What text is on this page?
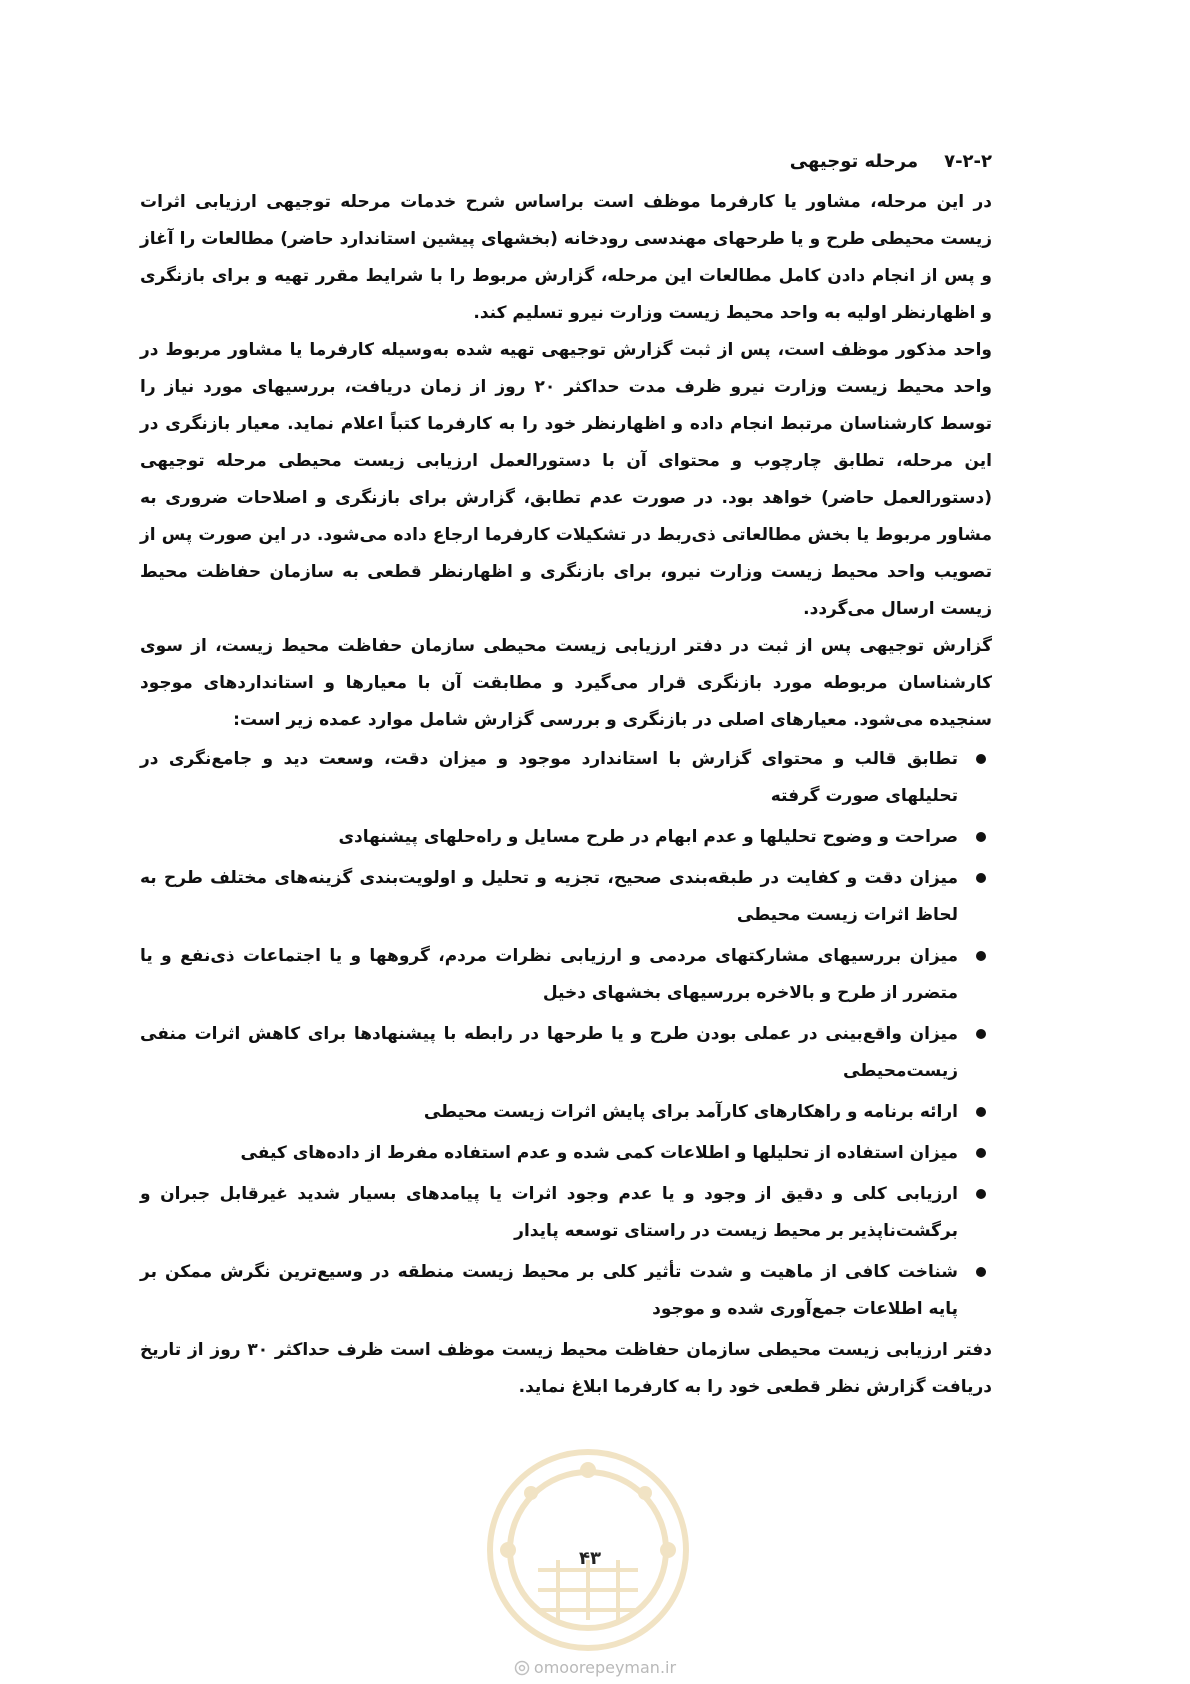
۷-۲-۲
مرحله توجیهی

در این مرحله، مشاور یا کارفرما موظف است براساس شرح خدمات مرحله توجیهی ارزیابی اثرات زیست محیطی طرح و یا طرحهای مهندسی رودخانه (بخشهای پیشین استاندارد حاضر) مطالعات را آغاز و پس از انجام دادن کامل مطالعات این مرحله، گزارش مربوط را با شرایط مقرر تهیه و برای بازنگری و اظهارنظر اولیه به واحد محیط زیست وزارت نیرو تسلیم کند.

واحد مذکور موظف است، پس از ثبت گزارش توجیهی تهیه شده به‌وسیله کارفرما یا مشاور مربوط در واحد محیط زیست وزارت نیرو ظرف مدت حداکثر ۲۰ روز از زمان دریافت، بررسیهای مورد نیاز را توسط کارشناسان مرتبط انجام داده و اظهارنظر خود را به کارفرما کتباً اعلام نماید. معیار بازنگری در این مرحله، تطابق چارچوب و محتوای آن با دستورالعمل ارزیابی زیست محیطی مرحله توجیهی (دستورالعمل حاضر) خواهد بود. در صورت عدم تطابق، گزارش برای بازنگری و اصلاحات ضروری به مشاور مربوط یا بخش مطالعاتی ذی‌ربط در تشکیلات کارفرما ارجاع داده می‌شود. در این صورت پس از تصویب واحد محیط زیست وزارت نیرو، برای بازنگری و اظهارنظر قطعی به سازمان حفاظت محیط زیست ارسال می‌گردد.

گزارش توجیهی پس از ثبت در دفتر ارزیابی زیست محیطی سازمان حفاظت محیط زیست، از سوی کارشناسان مربوطه مورد بازنگری قرار می‌گیرد و مطابقت آن با معیارها و استانداردهای موجود سنجیده می‌شود. معیارهای اصلی در بازنگری و بررسی گزارش شامل موارد عمده زیر است:

تطابق قالب و محتوای گزارش با استاندارد موجود و میزان دقت، وسعت دید و جامع‌نگری در تحلیلهای صورت گرفته
صراحت و وضوح تحلیلها و عدم ابهام در طرح مسایل و راه‌حلهای پیشنهادی
میزان دقت و کفایت در طبقه‌بندی صحیح، تجزیه و تحلیل و اولویت‌بندی گزینه‌های مختلف طرح به لحاظ اثرات زیست محیطی
میزان بررسیهای مشارکتهای مردمی و ارزیابی نظرات مردم، گروهها و یا اجتماعات ذی‌نفع و یا متضرر از طرح و بالاخره بررسیهای بخشهای دخیل
میزان واقع‌بینی در عملی بودن طرح و یا طرحها در رابطه با پیشنهادها برای کاهش اثرات منفی زیست‌محیطی
ارائه برنامه و راهکارهای کارآمد برای پایش اثرات زیست محیطی
میزان استفاده از تحلیلها و اطلاعات کمی شده و عدم استفاده مفرط از داده‌های کیفی
ارزیابی کلی و دقیق از وجود و یا عدم وجود اثرات یا پیامدهای بسیار شدید غیرقابل جبران و برگشت‌ناپذیر بر محیط زیست در راستای توسعه پایدار
شناخت کافی از ماهیت و شدت تأثیر کلی بر محیط زیست منطقه در وسیع‌ترین نگرش ممکن بر پایه اطلاعات جمع‌آوری شده و موجود

دفتر ارزیابی زیست محیطی سازمان حفاظت محیط زیست موظف است ظرف حداکثر ۳۰ روز از تاریخ دریافت گزارش نظر قطعی خود را به کارفرما ابلاغ نماید.

۴۳
omoorepeyman.ir
